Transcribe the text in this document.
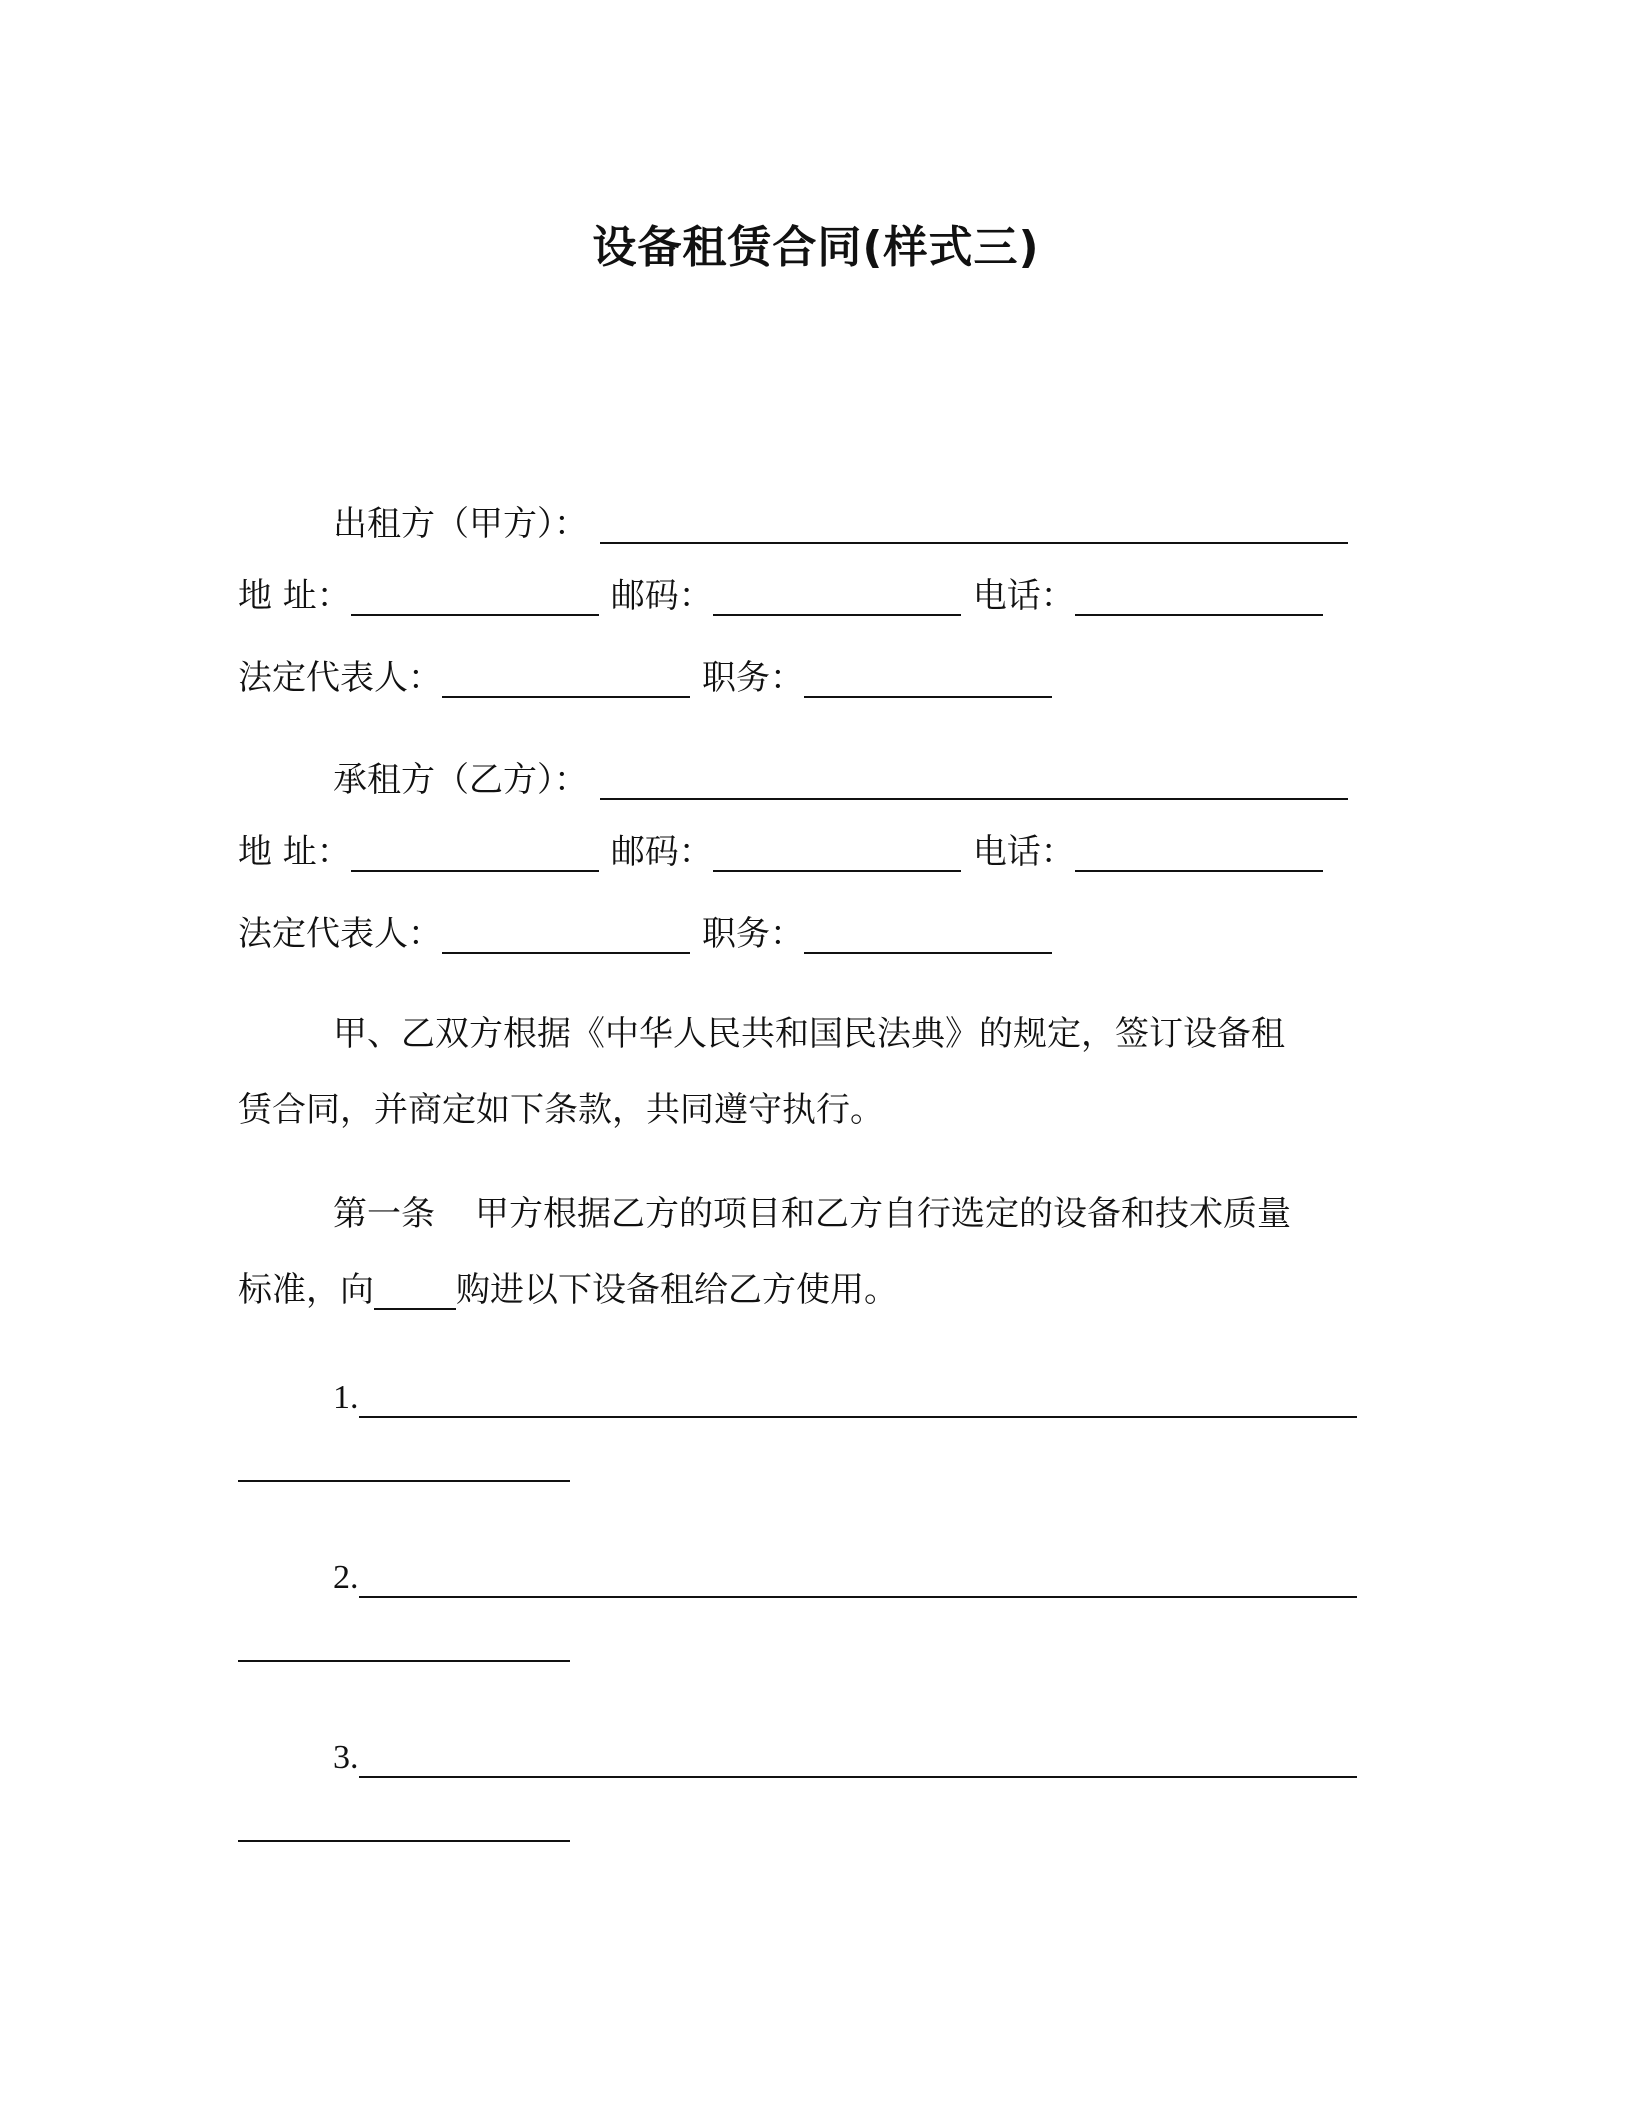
设备租赁合同(样式三)
出租方（甲方）：
地 址：	邮码：	电话：
法定代表人：	职务：
承租方（乙方）：
地 址：	邮码：	电话：
法定代表人：	职务：
甲、乙双方根据《中华人民共和国民法典》的规定，签订设备租
赁合同，并商定如下条款，共同遵守执行。
第一条 甲方根据乙方的项目和乙方自行选定的设备和技术质量
标准，向 购进以下设备租给乙方使用。
1.
2.
3.
